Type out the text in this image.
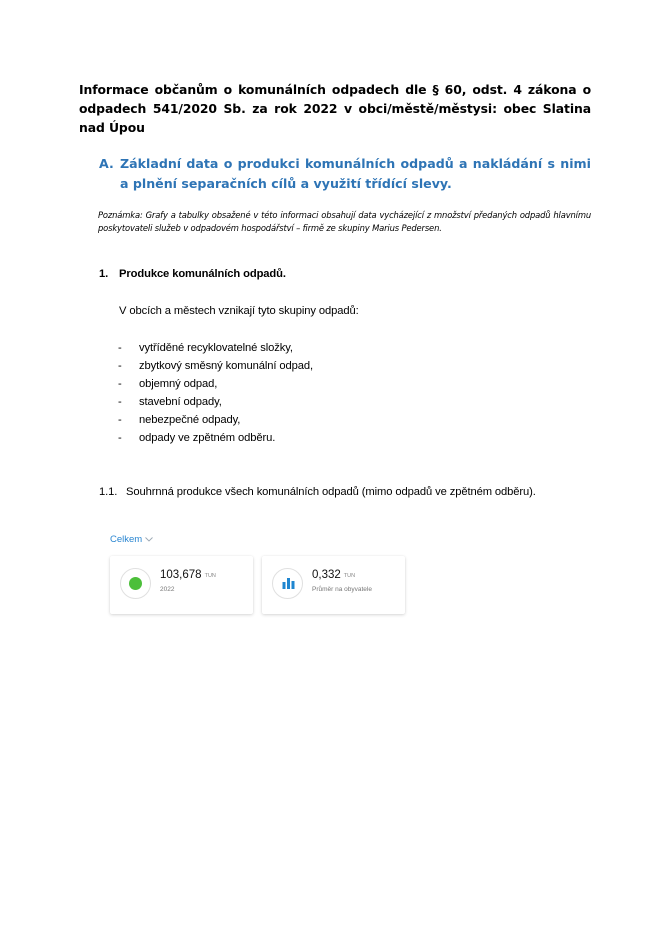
Informace občanům o komunálních odpadech dle § 60, odst. 4 zákona o odpadech 541/2020 Sb. za rok 2022 v obci/městě/městysi: obec Slatina nad Úpou
A. Základní data o produkci komunálních odpadů a nakládání s nimi a plnění separačních cílů a využití třídící slevy.
Poznámka: Grafy a tabulky obsažené v této informaci obsahují data vycházející z množství předaných odpadů hlavnímu poskytovateli služeb v odpadovém hospodářství – firmě ze skupiny Marius Pedersen.
1. Produkce komunálních odpadů.
V obcích a městech vznikají tyto skupiny odpadů:
- vytříděné recyklovatelné složky,
- zbytkový směsný komunální odpad,
- objemný odpad,
- stavební odpady,
- nebezpečné odpady,
- odpady ve zpětném odběru.
1.1. Souhrnná produkce všech komunálních odpadů (mimo odpadů ve zpětném odběru).
Celkem
103,678 TUN
2022
0,332 TUN
Průměr na obyvatele
